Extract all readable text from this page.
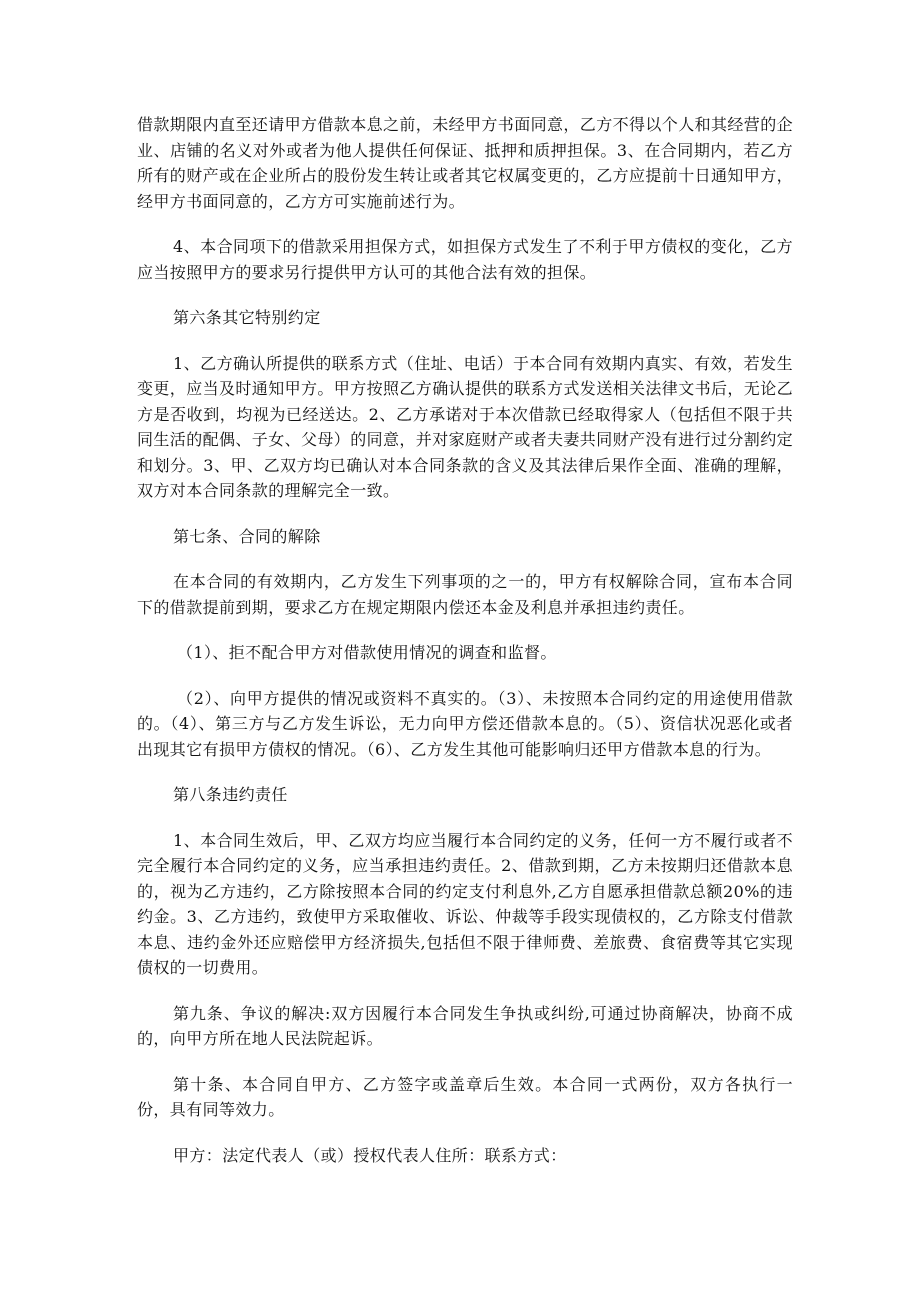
借款期限内直至还请甲方借款本息之前，未经甲方书面同意，乙方不得以个人和其经营的企业、店铺的名义对外或者为他人提供任何保证、抵押和质押担保。3、在合同期内，若乙方所有的财产或在企业所占的股份发生转让或者其它权属变更的，乙方应提前十日通知甲方，经甲方书面同意的，乙方方可实施前述行为。

4、本合同项下的借款采用担保方式，如担保方式发生了不利于甲方债权的变化，乙方应当按照甲方的要求另行提供甲方认可的其他合法有效的担保。

第六条其它特别约定

1、乙方确认所提供的联系方式（住址、电话）于本合同有效期内真实、有效，若发生变更，应当及时通知甲方。甲方按照乙方确认提供的联系方式发送相关法律文书后，无论乙方是否收到，均视为已经送达。2、乙方承诺对于本次借款已经取得家人（包括但不限于共同生活的配偶、子女、父母）的同意，并对家庭财产或者夫妻共同财产没有进行过分割约定和划分。3、甲、乙双方均已确认对本合同条款的含义及其法律后果作全面、准确的理解，双方对本合同条款的理解完全一致。

第七条、合同的解除

在本合同的有效期内，乙方发生下列事项的之一的，甲方有权解除合同，宣布本合同下的借款提前到期，要求乙方在规定期限内偿还本金及利息并承担违约责任。

（1）、拒不配合甲方对借款使用情况的调查和监督。

（2）、向甲方提供的情况或资料不真实的。（3）、未按照本合同约定的用途使用借款的。（4）、第三方与乙方发生诉讼，无力向甲方偿还借款本息的。（5）、资信状况恶化或者出现其它有损甲方债权的情况。（6）、乙方发生其他可能影响归还甲方借款本息的行为。

第八条违约责任

1、本合同生效后，甲、乙双方均应当履行本合同约定的义务，任何一方不履行或者不完全履行本合同约定的义务，应当承担违约责任。2、借款到期，乙方未按期归还借款本息的，视为乙方违约，乙方除按照本合同的约定支付利息外,乙方自愿承担借款总额20%的违约金。3、乙方违约，致使甲方采取催收、诉讼、仲裁等手段实现债权的，乙方除支付借款本息、违约金外还应赔偿甲方经济损失,包括但不限于律师费、差旅费、食宿费等其它实现债权的一切费用。

第九条、争议的解决:双方因履行本合同发生争执或纠纷,可通过协商解决，协商不成的，向甲方所在地人民法院起诉。

第十条、本合同自甲方、乙方签字或盖章后生效。本合同一式两份，双方各执行一份，具有同等效力。

甲方：法定代表人（或）授权代表人住所：联系方式：
